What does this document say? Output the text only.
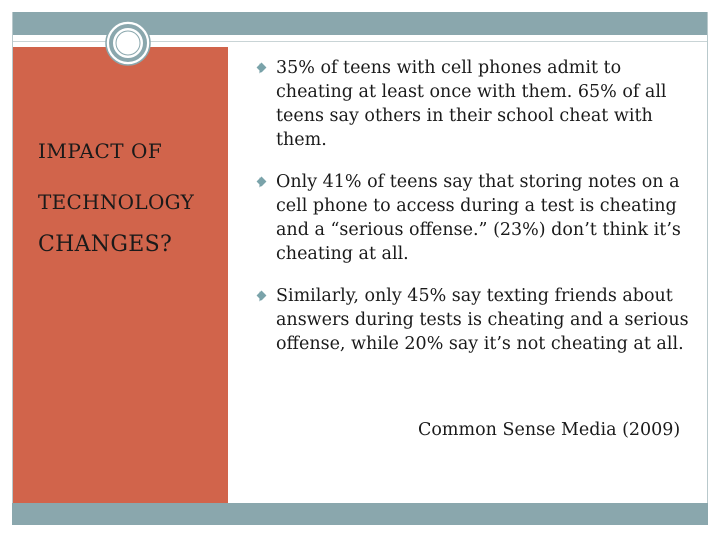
IMPACT OF
TECHNOLOGY
CHANGES?
35% of teens with cell phones admit to cheating at least once with them. 65% of all teens say others in their school cheat with them.
Only 41% of teens say that storing notes on a cell phone to access during a test is cheating and a “serious offense.” (23%) don’t think it’s cheating at all.
Similarly, only 45% say texting friends about answers during tests is cheating and a serious offense, while 20% say it’s not cheating at all.
Common Sense Media (2009)
